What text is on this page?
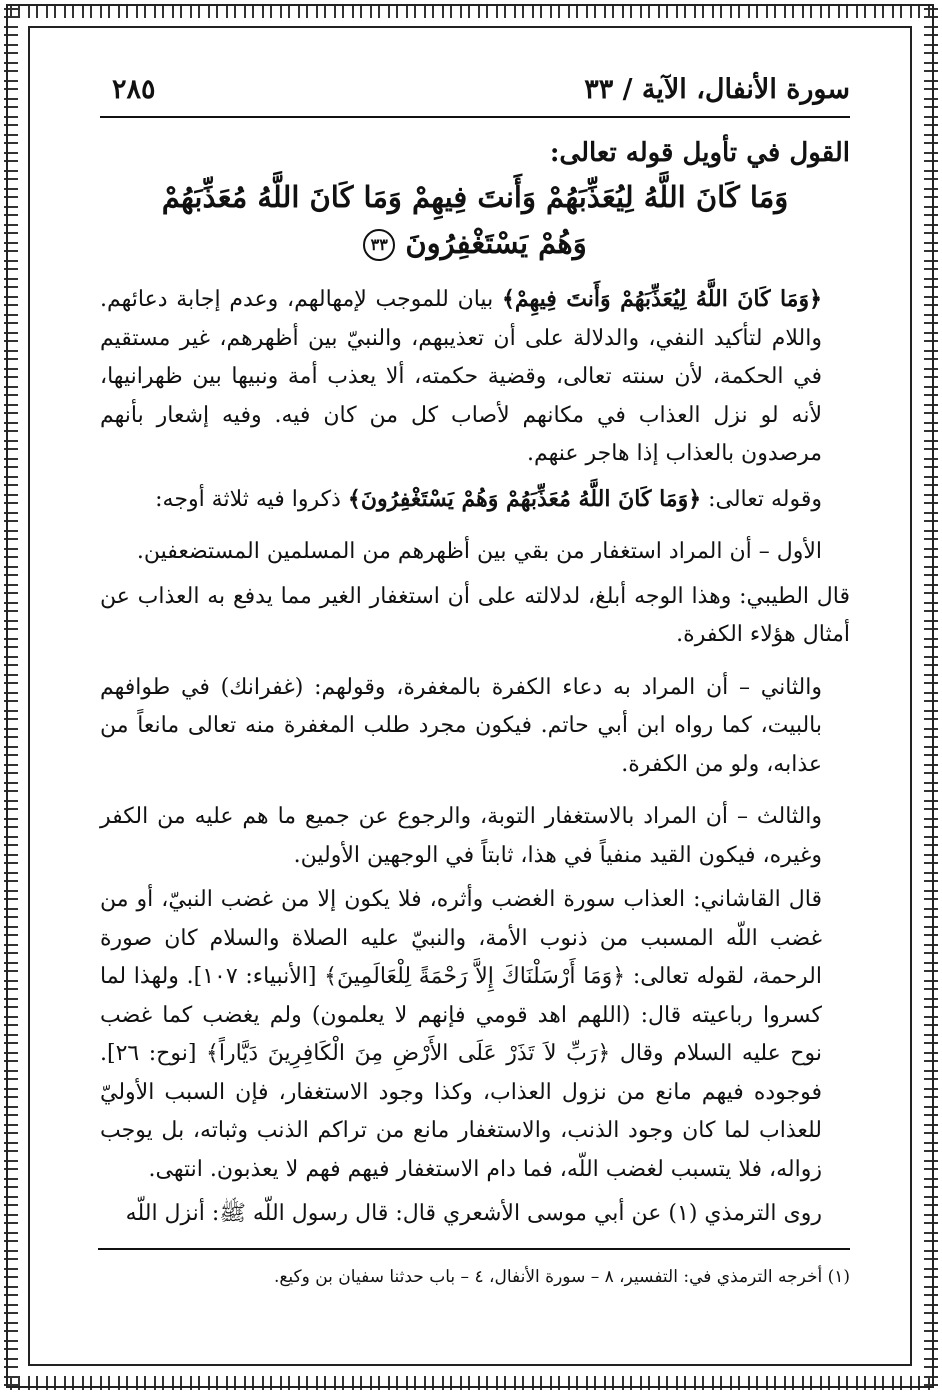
سورة الأنفال، الآية / ٣٣
٢٨٥
القول في تأويل قوله تعالى:
وَمَا كَانَ اللَّهُ لِيُعَذِّبَهُمْ وَأَنتَ فِيهِمْ وَمَا كَانَ اللَّهُ مُعَذِّبَهُمْ
وَهُمْ يَسْتَغْفِرُونَ ٣٣

﴿وَمَا كَانَ اللَّهُ لِيُعَذِّبَهُمْ وَأَنتَ فِيهِمْ﴾ بيان للموجب لإمهالهم، وعدم إجابة دعائهم. واللام لتأكيد النفي، والدلالة على أن تعذيبهم، والنبيّ بين أظهرهم، غير مستقيم في الحكمة، لأن سنته تعالى، وقضية حكمته، ألا يعذب أمة ونبيها بين ظهرانيها، لأنه لو نزل العذاب في مكانهم لأصاب كل من كان فيه. وفيه إشعار بأنهم مرصدون بالعذاب إذا هاجر عنهم.

وقوله تعالى: ﴿وَمَا كَانَ اللَّهُ مُعَذِّبَهُمْ وَهُمْ يَسْتَغْفِرُونَ﴾ ذكروا فيه ثلاثة أوجه:

الأول – أن المراد استغفار من بقي بين أظهرهم من المسلمين المستضعفين.

قال الطيبي: وهذا الوجه أبلغ، لدلالته على أن استغفار الغير مما يدفع به العذاب عن أمثال هؤلاء الكفرة.

والثاني – أن المراد به دعاء الكفرة بالمغفرة، وقولهم: (غفرانك) في طوافهم بالبيت، كما رواه ابن أبي حاتم. فيكون مجرد طلب المغفرة منه تعالى مانعاً من عذابه، ولو من الكفرة.

والثالث – أن المراد بالاستغفار التوبة، والرجوع عن جميع ما هم عليه من الكفر وغيره، فيكون القيد منفياً في هذا، ثابتاً في الوجهين الأولين.

قال القاشاني: العذاب سورة الغضب وأثره، فلا يكون إلا من غضب النبيّ، أو من غضب اللّه المسبب من ذنوب الأمة، والنبيّ عليه الصلاة والسلام كان صورة الرحمة، لقوله تعالى: ﴿وَمَا أَرْسَلْنَاكَ إِلاَّ رَحْمَةً لِلْعَالَمِينَ﴾ [الأنبياء: ١٠٧]. ولهذا لما كسروا رباعيته قال: (اللهم اهد قومي فإنهم لا يعلمون) ولم يغضب كما غضب نوح عليه السلام وقال ﴿رَبِّ لاَ تَذَرْ عَلَى الأَرْضِ مِنَ الْكَافِرِينَ دَيَّاراً﴾ [نوح: ٢٦]. فوجوده فيهم مانع من نزول العذاب، وكذا وجود الاستغفار، فإن السبب الأوليّ للعذاب لما كان وجود الذنب، والاستغفار مانع من تراكم الذنب وثباته، بل يوجب زواله، فلا يتسبب لغضب اللّه، فما دام الاستغفار فيهم فهم لا يعذبون. انتهى.

روى الترمذي (١) عن أبي موسى الأشعري قال: قال رسول اللّه ﷺ: أنزل اللّه

(١) أخرجه الترمذي في: التفسير، ٨ – سورة الأنفال، ٤ – باب حدثنا سفيان بن وكيع.
